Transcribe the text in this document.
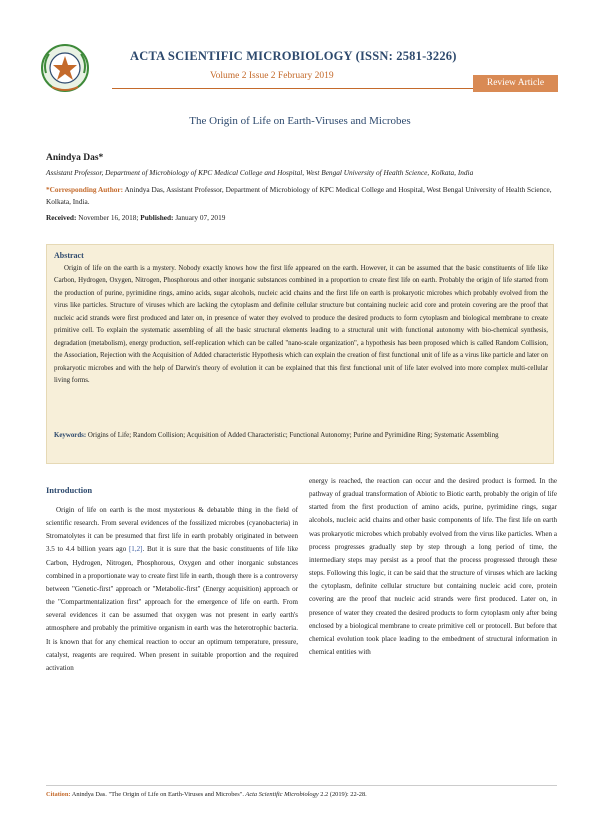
ACTA SCIENTIFIC MICROBIOLOGY (ISSN: 2581-3226)
Volume 2 Issue 2 February 2019
Review Article
The Origin of Life on Earth-Viruses and Microbes
Anindya Das*
Assistant Professor, Department of Microbiology of KPC Medical College and Hospital, West Bengal University of Health Science, Kolkata, India
*Corresponding Author: Anindya Das, Assistant Professor, Department of Microbiology of KPC Medical College and Hospital, West Bengal University of Health Science, Kolkata, India.
Received: November 16, 2018; Published: January 07, 2019
Abstract

Origin of life on the earth is a mystery. Nobody exactly knows how the first life appeared on the earth. However, it can be assumed that the basic constituents of life like Carbon, Hydrogen, Oxygen, Nitrogen, Phosphorous and other inorganic substances combined in a proportion to create first life on earth. Probably the origin of life started from the production of purine, pyrimidine rings, amino acids, sugar alcohols, nucleic acid chains and the first life on earth is prokaryotic microbes which probably evolved from the virus like particles. Structure of viruses which are lacking the cytoplasm and definite cellular structure but containing nucleic acid core and protein covering are the proof that nucleic acid strands were first produced and later on, in presence of water they evolved to produce the desired products to form cytoplasm and biological membrane to create primitive cell. To explain the systematic assembling of all the basic structural elements leading to a structural unit with functional autonomy with bio-chemical synthesis, degradation (metabolism), energy production, self-replication which can be called "nano-scale organization", a hypothesis has been proposed which is called Random Collision, the Association, Rejection with the Acquisition of Added characteristic Hypothesis which can explain the creation of first functional unit of life as a virus like particle and later on prokaryotic microbes and with the help of Darwin's theory of evolution it can be explained that this first functional unit of life later evolved into more complex multi-cellular living forms.

Keywords: Origins of Life; Random Collision; Acquisition of Added Characteristic; Functional Autonomy; Purine and Pyrimidine Ring; Systematic Assembling
Introduction

Origin of life on earth is the most mysterious & debatable thing in the field of scientific research. From several evidences of the fossilized microbes (cyanobacteria) in Stromatolytes it can be presumed that first life in earth probably originated in between 3.5 to 4.4 billion years ago [1,2]. But it is sure that the basic constituents of life like Carbon, Hydrogen, Nitrogen, Phosphorous, Oxygen and other inorganic substances combined in a proportionate way to create first life in earth, though there is a controversy between "Genetic-first" approach or "Metabolic-first" (Energy acquisition) approach or the "Compartmentalization first" approach for the emergence of life on earth. From several evidences it can be assumed that oxygen was not present in early earth's atmosphere and probably the primitive organism in earth was the heterotrophic bacteria. It is known that for any chemical reaction to occur an optimum temperature, pressure, catalyst, reagents are required. When present in suitable proportion and the required activation

energy is reached, the reaction can occur and the desired product is formed. In the pathway of gradual transformation of Abiotic to Biotic earth, probably the origin of life started from the first production of amino acids, purine, pyrimidine rings, sugar alcohols, nucleic acid chains and other basic components of life. The first life on earth was prokaryotic microbes which probably evolved from the virus like particles. When a process progresses gradually step by step through a long period of time, the intermediary steps may persist as a proof that the process progressed through these steps. Following this logic, it can be said that the structure of viruses which are lacking the cytoplasm, definite cellular structure but containing nucleic acid core, protein covering are the proof that nucleic acid strands were first produced. Later on, in presence of water they created the desired products to form cytoplasm only after being enclosed by a biological membrane to create primitive cell or protocell. But before that chemical evolution took place leading to the embedment of structural information in chemical entities with

Citation: Anindya Das. "The Origin of Life on Earth-Viruses and Microbes". Acta Scientific Microbiology 2.2 (2019): 22-28.
